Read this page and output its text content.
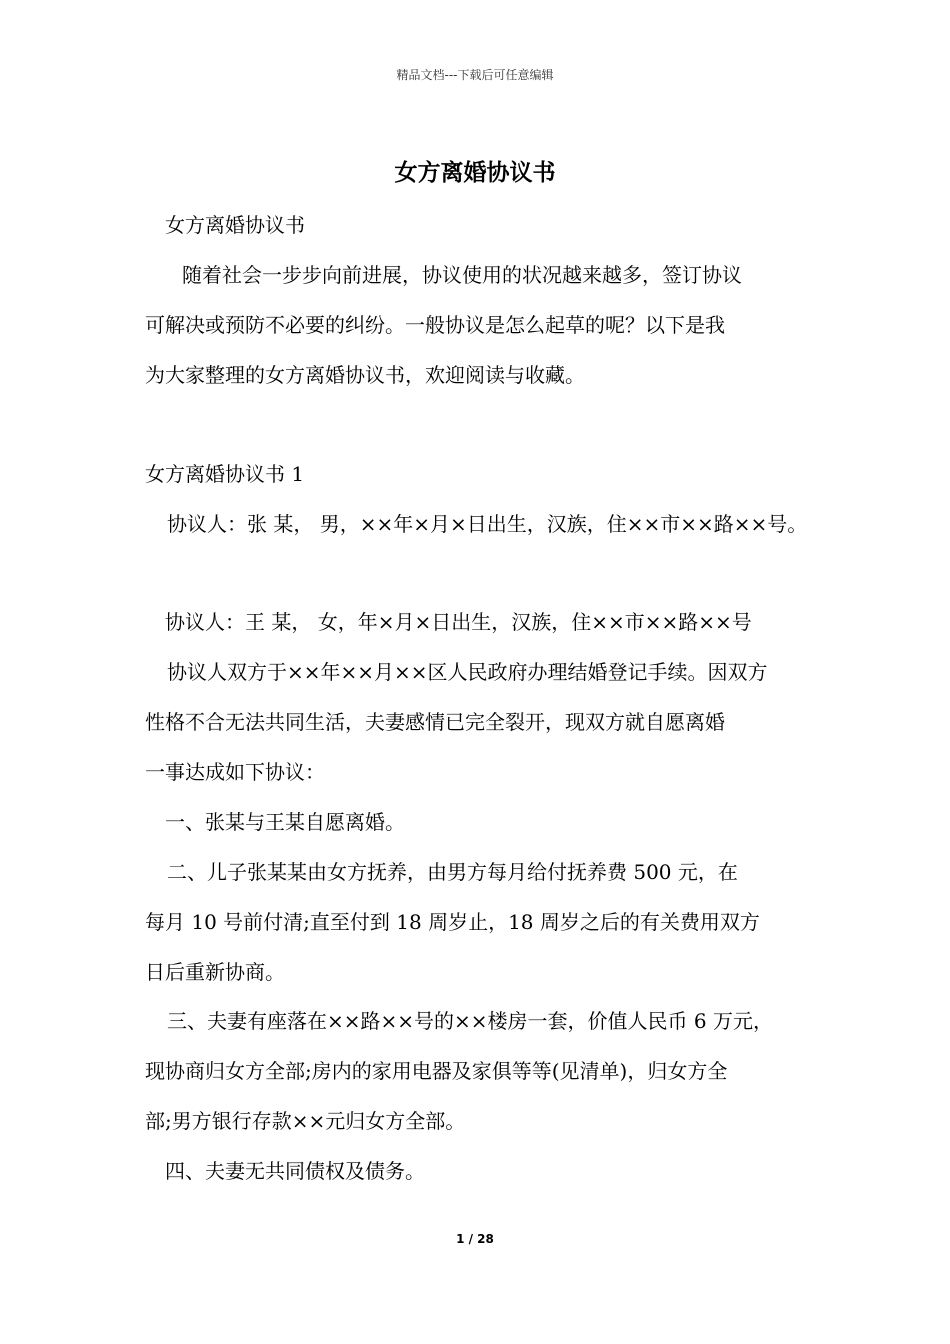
精品文档---下载后可任意编辑
女方离婚协议书
女方离婚协议书
随着社会一步步向前进展，协议使用的状况越来越多，签订协议
可解决或预防不必要的纠纷。一般协议是怎么起草的呢？以下是我
为大家整理的女方离婚协议书，欢迎阅读与收藏。
女方离婚协议书 1
协议人：张 某， 男，××年×月×日出生，汉族，住××市××路××号。
协议人：王 某， 女，年×月×日出生，汉族，住××市××路××号
协议人双方于××年××月××区人民政府办理结婚登记手续。因双方
性格不合无法共同生活，夫妻感情已完全裂开，现双方就自愿离婚
一事达成如下协议：
一、张某与王某自愿离婚。
二、儿子张某某由女方抚养，由男方每月给付抚养费 500 元，在
每月 10 号前付清;直至付到 18 周岁止，18 周岁之后的有关费用双方
日后重新协商。
三、夫妻有座落在××路××号的××楼房一套，价值人民币 6 万元，
现协商归女方全部;房内的家用电器及家俱等等(见清单)，归女方全
部;男方银行存款××元归女方全部。
四、夫妻无共同债权及债务。
1 / 28
